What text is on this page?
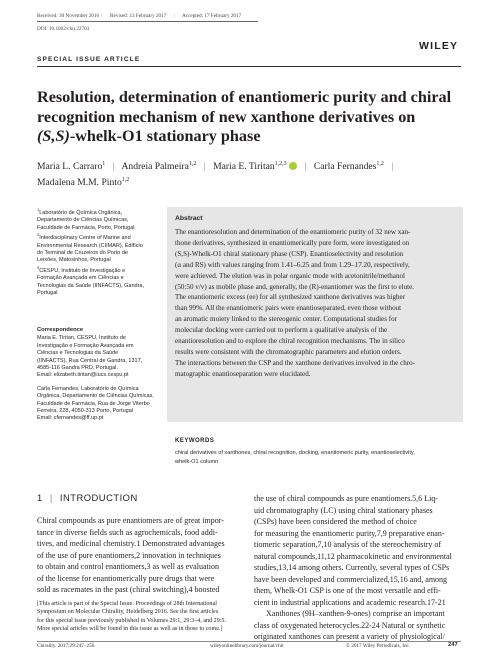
Received: 30 November 2016 | Revised: 13 February 2017 | Accepted: 17 February 2017
DOI: 10.1002/chir.22703
WILEY
SPECIAL ISSUE ARTICLE
Resolution, determination of enantiomeric purity and chiral
recognition mechanism of new xanthone derivatives on
(S,S)-whelk-O1 stationary phase
Maria L. Carraro$^1$ | Andreia Palmeira$^{1,2}$ | Maria E. Tiritan$^{1,2,3}$ | Carla Fernandes$^{1,2}$ |
Madalena M.M. Pinto$^{1,2}$

$^1$Laboratório de Química Orgânica,
Departamento de Ciências Químicas,
Faculdade de Farmácia, Porto, Portugal

$^2$Interdisciplinary Centre of Marine and
Environmental Research (CIIMAR), Edifício
do Terminal de Cruzeiros do Porto de
Leixões, Matosinhos, Portugal

$^3$CESPU, Instituto de Investigação e
Formação Avançada em Ciências e
Tecnologias da Saúde (IINFACTS), Gandra,
Portugal

Correspondence

Maria E. Tiritan, CESPU, Instituto de
Investigação e Formação Avançada em
Ciências e Tecnologias da Saúde
(IINFACTS), Rua Central de Gandra, 1317,
4585-116 Gandra PRD, Portugal.
Email: elizabeth.tiritan@iucs.cespu.pt

Carla Fernandes, Laboratório de Química
Orgânica, Departamento de Ciências Químicas,
Faculdade de Farmácia, Rua de Jorge Viterbo
Ferreira, 228, 4050-313 Porto, Portugal
Email: cfernandes@ff.up.pt

Abstract
The enantioresolution and determination of the enantiomeric purity of 32 new xan-
thone derivatives, synthesized in enantiomerically pure form, were investigated on
(S,S)-Whelk-O1 chiral stationary phase (CSP). Enantioselectivity and resolution
(α and RS) with values ranging from 1.41–6.25 and from 1.29–17.20, respectively,
were achieved. The elution was in polar organic mode with acetonitrile/methanol
(50:50 v/v) as mobile phase and, generally, the (R)-enantiomer was the first to elute.
The enantiomeric excess (ee) for all synthesized xanthone derivatives was higher
than 99%. All the enantiomeric pairs were enantioseparated, even those without
an aromatic moiety linked to the stereogenic center. Computational studies for
molecular docking were carried out to perform a qualitative analysis of the
enantioresolution and to explore the chiral recognition mechanisms. The in silico
results were consistent with the chromatographic parameters and elution orders.
The interactions between the CSP and the xanthone derivatives involved in the chro-
matographic enantioseparation were elucidated.
KEYWORDS
chiral derivatives of xanthones, chiral recognition, docking, enantiomeric purity, enantioselectivity,
whelk-O1 column
1 | INTRODUCTION
Chiral compounds as pure enantiomers are of great impor-
tance in diverse fields such as agrochemicals, food addi-
tives, and medicinal chemistry.1 Demonstrated advantages
of the use of pure enantiomers,2 innovation in techniques
to obtain and control enantiomers,3 as well as evaluation
of the license for enantiomerically pure drugs that were
sold as racemates in the past (chiral switching),4 boosted
[This article is part of the Special Issue: Proceedings of 28th International
Symposium on Molecular Chirality, Heidelberg 2016. See the first articles
for this special issue previously published in Volumes 29:1, 29:3–4, and 29:5.
More special articles will be found in this issue as well as in those to come.]
the use of chiral compounds as pure enantiomers.5,6 Liq-
uid chromatography (LC) using chiral stationary phases
(CSPs) have been considered the method of choice
for measuring the enantiomeric purity,7,9 preparative enan-
tiomeric separation,7,10 analysis of the stereochemistry of
natural compounds,11,12 pharmacokinetic and environmental
studies,13,14 among others. Currently, several types of CSPs
have been developed and commercialized,15,16 and, among
them, Whelk-O1 CSP is one of the most versatile and effi-
cient in industrial applications and academic research.17-21
Xanthones (9H–xanthen-9-ones) comprise an important
class of oxygenated heterocycles.22-24 Natural or synthetic
originated xanthones can present a variety of physiological/
Chirality. 2017;29:247–256.	wileyonlinelibrary.com/journal/chir	© 2017 Wiley Periodicals, Inc.	247
